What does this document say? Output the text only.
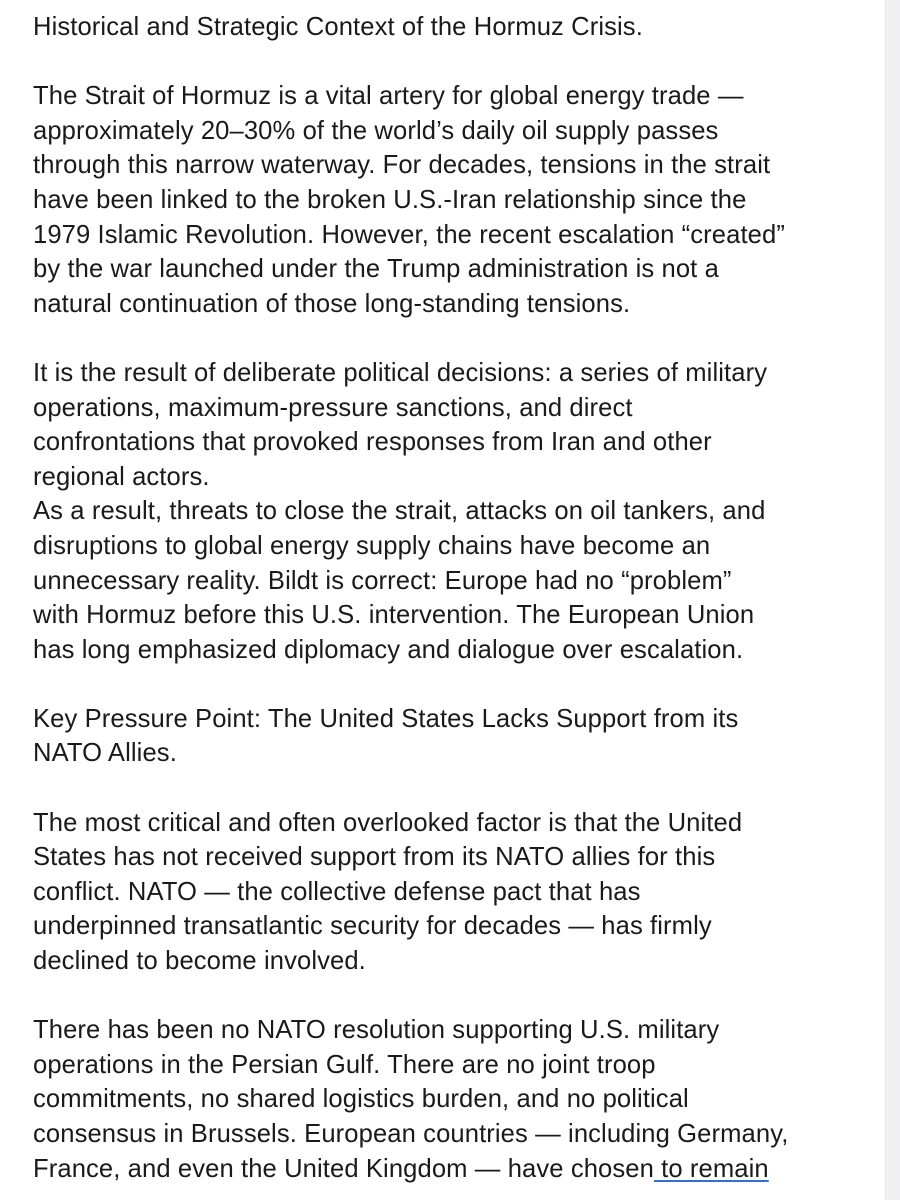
Historical and Strategic Context of the Hormuz Crisis.
The Strait of Hormuz is a vital artery for global energy trade —
approximately 20–30% of the world’s daily oil supply passes
through this narrow waterway. For decades, tensions in the strait
have been linked to the broken U.S.-Iran relationship since the
1979 Islamic Revolution. However, the recent escalation “created”
by the war launched under the Trump administration is not a
natural continuation of those long-standing tensions.
It is the result of deliberate political decisions: a series of military
operations, maximum-pressure sanctions, and direct
confrontations that provoked responses from Iran and other
regional actors.
As a result, threats to close the strait, attacks on oil tankers, and
disruptions to global energy supply chains have become an
unnecessary reality. Bildt is correct: Europe had no “problem”
with Hormuz before this U.S. intervention. The European Union
has long emphasized diplomacy and dialogue over escalation.
Key Pressure Point: The United States Lacks Support from its
NATO Allies.
The most critical and often overlooked factor is that the United
States has not received support from its NATO allies for this
conflict. NATO — the collective defense pact that has
underpinned transatlantic security for decades — has firmly
declined to become involved.
There has been no NATO resolution supporting U.S. military
operations in the Persian Gulf. There are no joint troop
commitments, no shared logistics burden, and no political
consensus in Brussels. European countries — including Germany,
France, and even the United Kingdom — have chosen to remain
